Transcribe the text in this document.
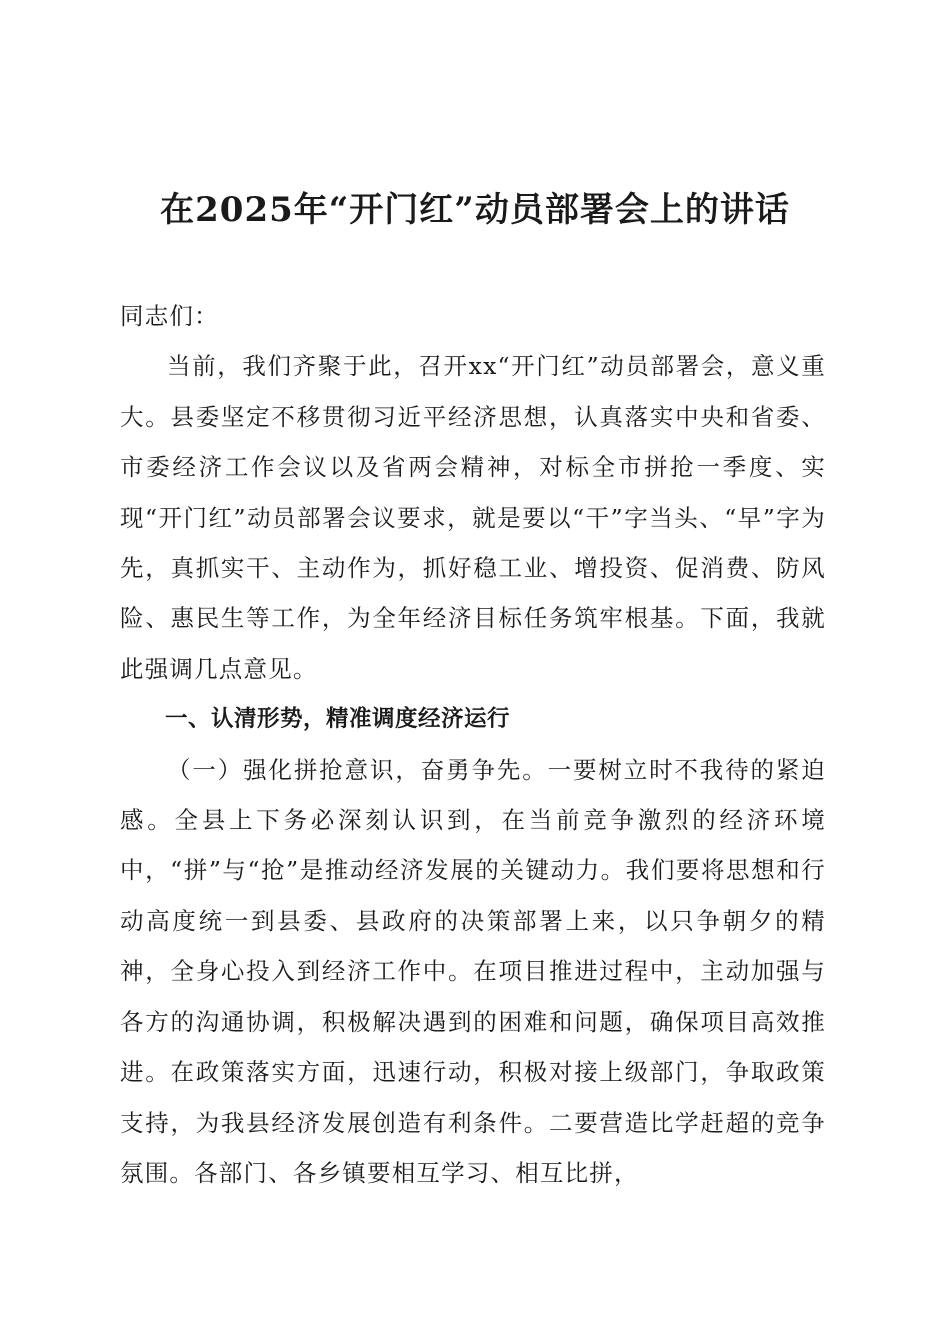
在2025年“开门红”动员部署会上的讲话

同志们：

当前，我们齐聚于此，召开xx“开门红”动员部署会，意义重大。县委坚定不移贯彻习近平经济思想，认真落实中央和省委、市委经济工作会议以及省两会精神，对标全市拼抢一季度、实现“开门红”动员部署会议要求，就是要以“干”字当头、“早”字为先，真抓实干、主动作为，抓好稳工业、增投资、促消费、防风险、惠民生等工作，为全年经济目标任务筑牢根基。下面，我就此强调几点意见。

一、认清形势，精准调度经济运行

（一）强化拼抢意识，奋勇争先。一要树立时不我待的紧迫感。全县上下务必深刻认识到，在当前竞争激烈的经济环境中，“拼”与“抢”是推动经济发展的关键动力。我们要将思想和行动高度统一到县委、县政府的决策部署上来，以只争朝夕的精神，全身心投入到经济工作中。在项目推进过程中，主动加强与各方的沟通协调，积极解决遇到的困难和问题，确保项目高效推进。在政策落实方面，迅速行动，积极对接上级部门，争取政策支持，为我县经济发展创造有利条件。二要营造比学赶超的竞争氛围。各部门、各乡镇要相互学习、相互比拼，
